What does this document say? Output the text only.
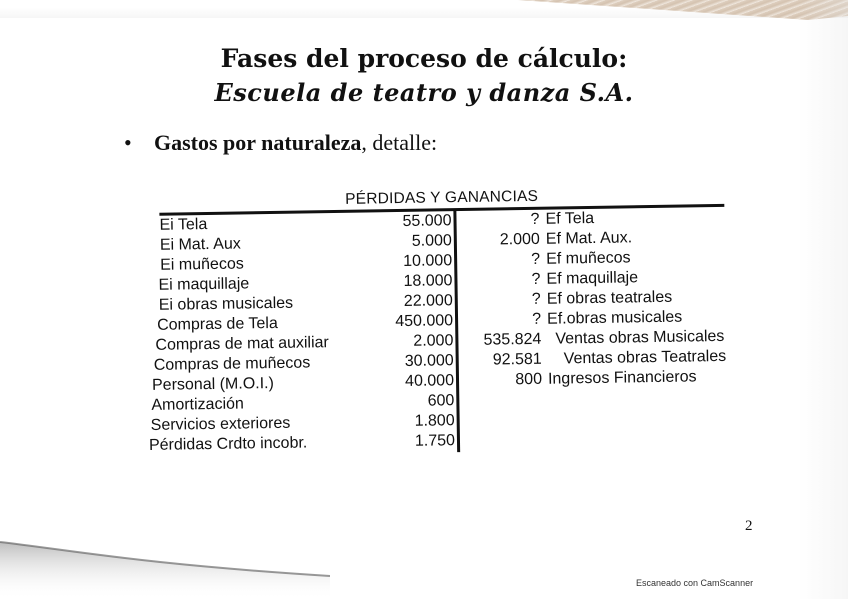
Fases del proceso de cálculo:
Escuela de teatro y danza S.A.
• Gastos por naturaleza, detalle:
PÉRDIDAS Y GANANCIAS
Ei Tela	55.000
Ei Mat. Aux	5.000
Ei muñecos	10.000
Ei maquillaje	18.000
Ei obras musicales	22.000
Compras de Tela	450.000
Compras de mat auxiliar	2.000
Compras de muñecos	30.000
Personal (M.O.I.)	40.000
Amortización	600
Servicios exteriores	1.800
Pérdidas Crdto incobr.	1.750
? Ef Tela
2.000 Ef Mat. Aux.
? Ef muñecos
? Ef maquillaje
? Ef obras teatrales
? Ef.obras musicales
535.824 Ventas obras Musicales
92.581 Ventas obras Teatrales
800 Ingresos Financieros
2
Escaneado con CamScanner
